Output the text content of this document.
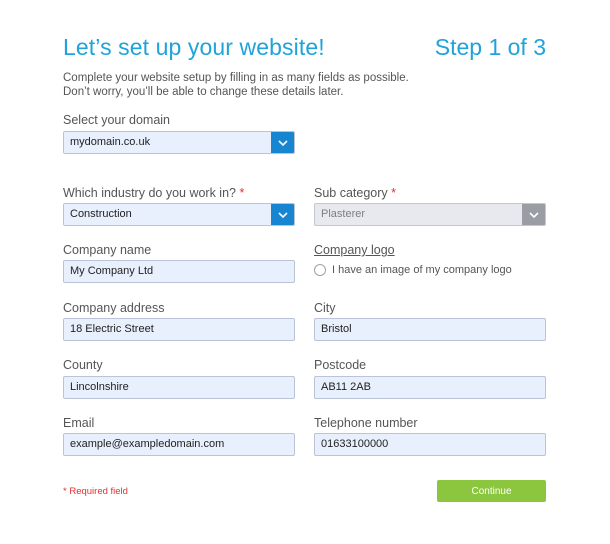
Let’s set up your website!	Step 1 of 3
Complete your website setup by filling in as many fields as possible.
Don’t worry, you’ll be able to change these details later.
Select your domain
mydomain.co.uk
Which industry do you work in? *
Construction
Sub category *
Plasterer
Company name
My Company Ltd
Company logo
I have an image of my company logo
Company address
18 Electric Street
City
Bristol
County
Lincolnshire
Postcode
AB11 2AB
Email
example@exampledomain.com
Telephone number
01633100000
* Required field	Continue
